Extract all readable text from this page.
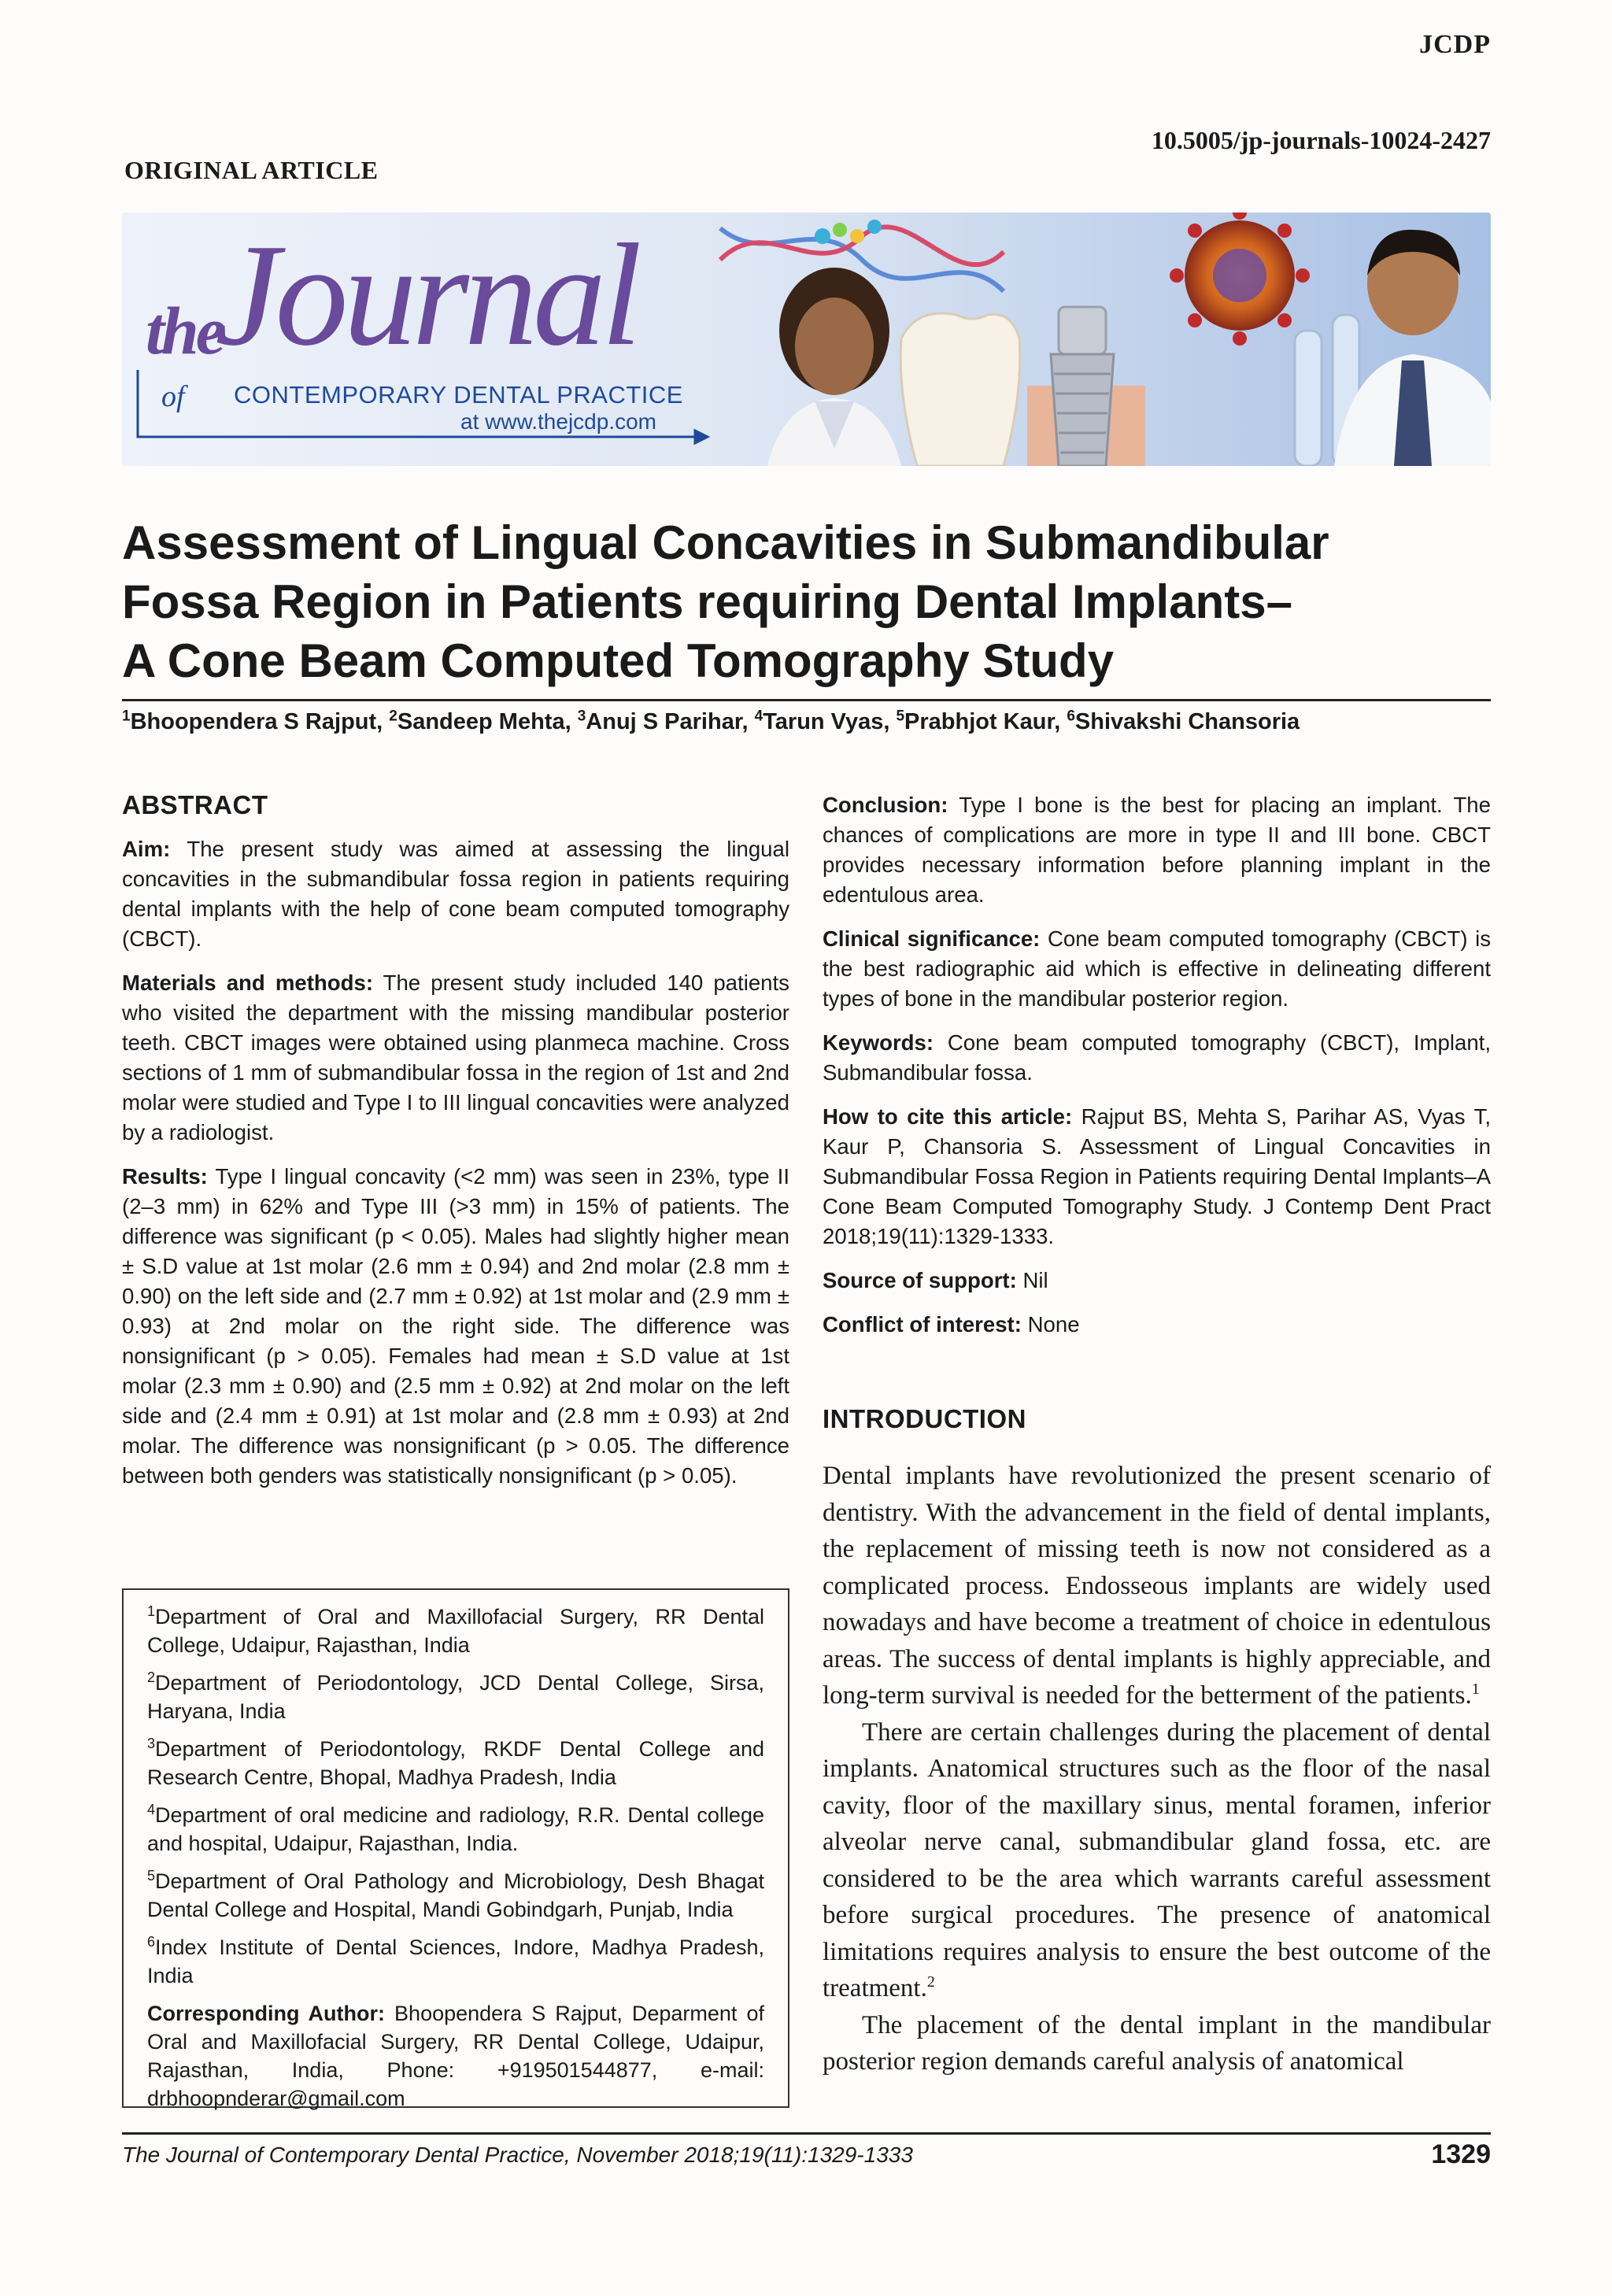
JCDP
10.5005/jp-journals-10024-2427
ORIGINAL ARTICLE
the
Journal
of CONTEMPORARY DENTAL PRACTICE
at www.thejcdp.com
Assessment of Lingual Concavities in Submandibular
Fossa Region in Patients requiring Dental Implants–
A Cone Beam Computed Tomography Study
$^1$Bhoopendera S Rajput, $^2$Sandeep Mehta, $^3$Anuj S Parihar, $^4$Tarun Vyas, $^5$Prabhjot Kaur, $^6$Shivakshi Chansoria
ABSTRACT

Aim: The present study was aimed at assessing the lingual concavities in the submandibular fossa region in patients requiring dental implants with the help of cone beam computed tomography (CBCT).

Materials and methods: The present study included 140 patients who visited the department with the missing mandibular posterior teeth. CBCT images were obtained using planmeca machine. Cross sections of 1 mm of submandibular fossa in the region of 1st and 2nd molar were studied and Type I to III lingual concavities were analyzed by a radiologist.

Results: Type I lingual concavity (<2 mm) was seen in 23%, type II (2–3 mm) in 62% and Type III (>3 mm) in 15% of patients. The difference was significant (p < 0.05). Males had slightly higher mean ± S.D value at 1st molar (2.6 mm ± 0.94) and 2nd molar (2.8 mm ± 0.90) on the left side and (2.7 mm ± 0.92) at 1st molar and (2.9 mm ± 0.93) at 2nd molar on the right side. The difference was nonsignificant (p > 0.05). Females had mean ± S.D value at 1st molar (2.3 mm ± 0.90) and (2.5 mm ± 0.92) at 2nd molar on the left side and (2.4 mm ± 0.91) at 1st molar and (2.8 mm ± 0.93) at 2nd molar. The difference was nonsignificant (p > 0.05. The difference between both genders was statistically nonsignificant (p > 0.05).

$^1$Department of Oral and Maxillofacial Surgery, RR Dental College, Udaipur, Rajasthan, India

$^2$Department of Periodontology, JCD Dental College, Sirsa, Haryana, India

$^3$Department of Periodontology, RKDF Dental College and Research Centre, Bhopal, Madhya Pradesh, India

$^4$Department of oral medicine and radiology, R.R. Dental college and hospital, Udaipur, Rajasthan, India.

$^5$Department of Oral Pathology and Microbiology, Desh Bhagat Dental College and Hospital, Mandi Gobindgarh, Punjab, India

$^6$Index Institute of Dental Sciences, Indore, Madhya Pradesh, India

Corresponding Author: Bhoopendera S Rajput, Deparment of Oral and Maxillofacial Surgery, RR Dental College, Udaipur, Rajasthan, India, Phone: +919501544877, e-mail: drbhoopnderar@gmail.com

Conclusion: Type I bone is the best for placing an implant. The chances of complications are more in type II and III bone. CBCT provides necessary information before planning implant in the edentulous area.

Clinical significance: Cone beam computed tomography (CBCT) is the best radiographic aid which is effective in delineating different types of bone in the mandibular posterior region.

Keywords: Cone beam computed tomography (CBCT), Implant, Submandibular fossa.

How to cite this article: Rajput BS, Mehta S, Parihar AS, Vyas T, Kaur P, Chansoria S. Assessment of Lingual Concavities in Submandibular Fossa Region in Patients requiring Dental Implants–A Cone Beam Computed Tomography Study. J Contemp Dent Pract 2018;19(11):1329-1333.

Source of support: Nil

Conflict of interest: None

INTRODUCTION

Dental implants have revolutionized the present scenario of dentistry. With the advancement in the field of dental implants, the replacement of missing teeth is now not considered as a complicated process. Endosseous implants are widely used nowadays and have become a treatment of choice in edentulous areas. The success of dental implants is highly appreciable, and long-term survival is needed for the betterment of the patients.$^1$

There are certain challenges during the placement of dental implants. Anatomical structures such as the floor of the nasal cavity, floor of the maxillary sinus, mental foramen, inferior alveolar nerve canal, submandibular gland fossa, etc. are considered to be the area which warrants careful assessment before surgical procedures. The presence of anatomical limitations requires analysis to ensure the best outcome of the treatment.$^2$

The placement of the dental implant in the mandibular posterior region demands careful analysis of anatomical

The Journal of Contemporary Dental Practice, November 2018;19(11):1329-1333	1329
